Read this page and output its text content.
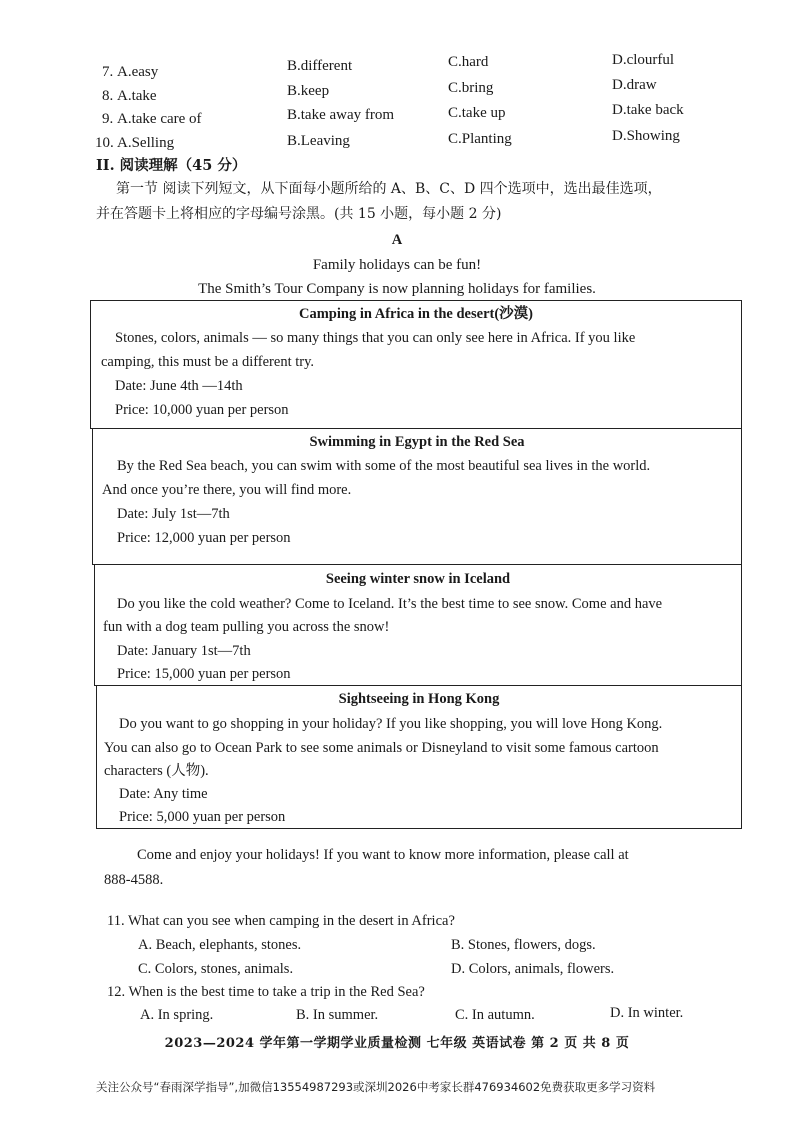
7. A.easy	B.different	C.hard	D.clourful
8. A.take	B.keep	C.bring	D.draw
9. A.take care of	B.take away from	C.take up	D.take back
10. A.Selling	B.Leaving	C.Planting	D.Showing
II. 阅读理解（45 分）
第一节 阅读下列短文，从下面每小题所给的 A、B、C、D 四个选项中，选出最佳选项，
并在答题卡上将相应的字母编号涂黑。(共 15 小题，每小题 2 分)
A
Family holidays can be fun!
The Smith’s Tour Company is now planning holidays for families.
Camping in Africa in the desert(沙漠)
Stones, colors, animals — so many things that you can only see here in Africa. If you like
camping, this must be a different try.
Date: June 4th —14th
Price: 10,000 yuan per person
Swimming in Egypt in the Red Sea
By the Red Sea beach, you can swim with some of the most beautiful sea lives in the world.
And once you’re there, you will find more.
Date: July 1st—7th
Price: 12,000 yuan per person
Seeing winter snow in Iceland
Do you like the cold weather? Come to Iceland. It’s the best time to see snow. Come and have
fun with a dog team pulling you across the snow!
Date: January 1st—7th
Price: 15,000 yuan per person
Sightseeing in Hong Kong
Do you want to go shopping in your holiday? If you like shopping, you will love Hong Kong.
You can also go to Ocean Park to see some animals or Disneyland to visit some famous cartoon
characters (人物).
Date: Any time
Price: 5,000 yuan per person
Come and enjoy your holidays! If you want to know more information, please call at
888-4588.
11. What can you see when camping in the desert in Africa?
A. Beach, elephants, stones.	B. Stones, flowers, dogs.
C. Colors, stones, animals.	D. Colors, animals, flowers.
12. When is the best time to take a trip in the Red Sea?
A. In spring.	B. In summer.	C. In autumn.	D. In winter.
2023—2024 学年第一学期学业质量检测 七年级 英语试卷 第 2 页 共 8 页
关注公众号“春雨深学指导”,加微信13554987293或深圳2026中考家长群476934602免费获取更多学习资料
